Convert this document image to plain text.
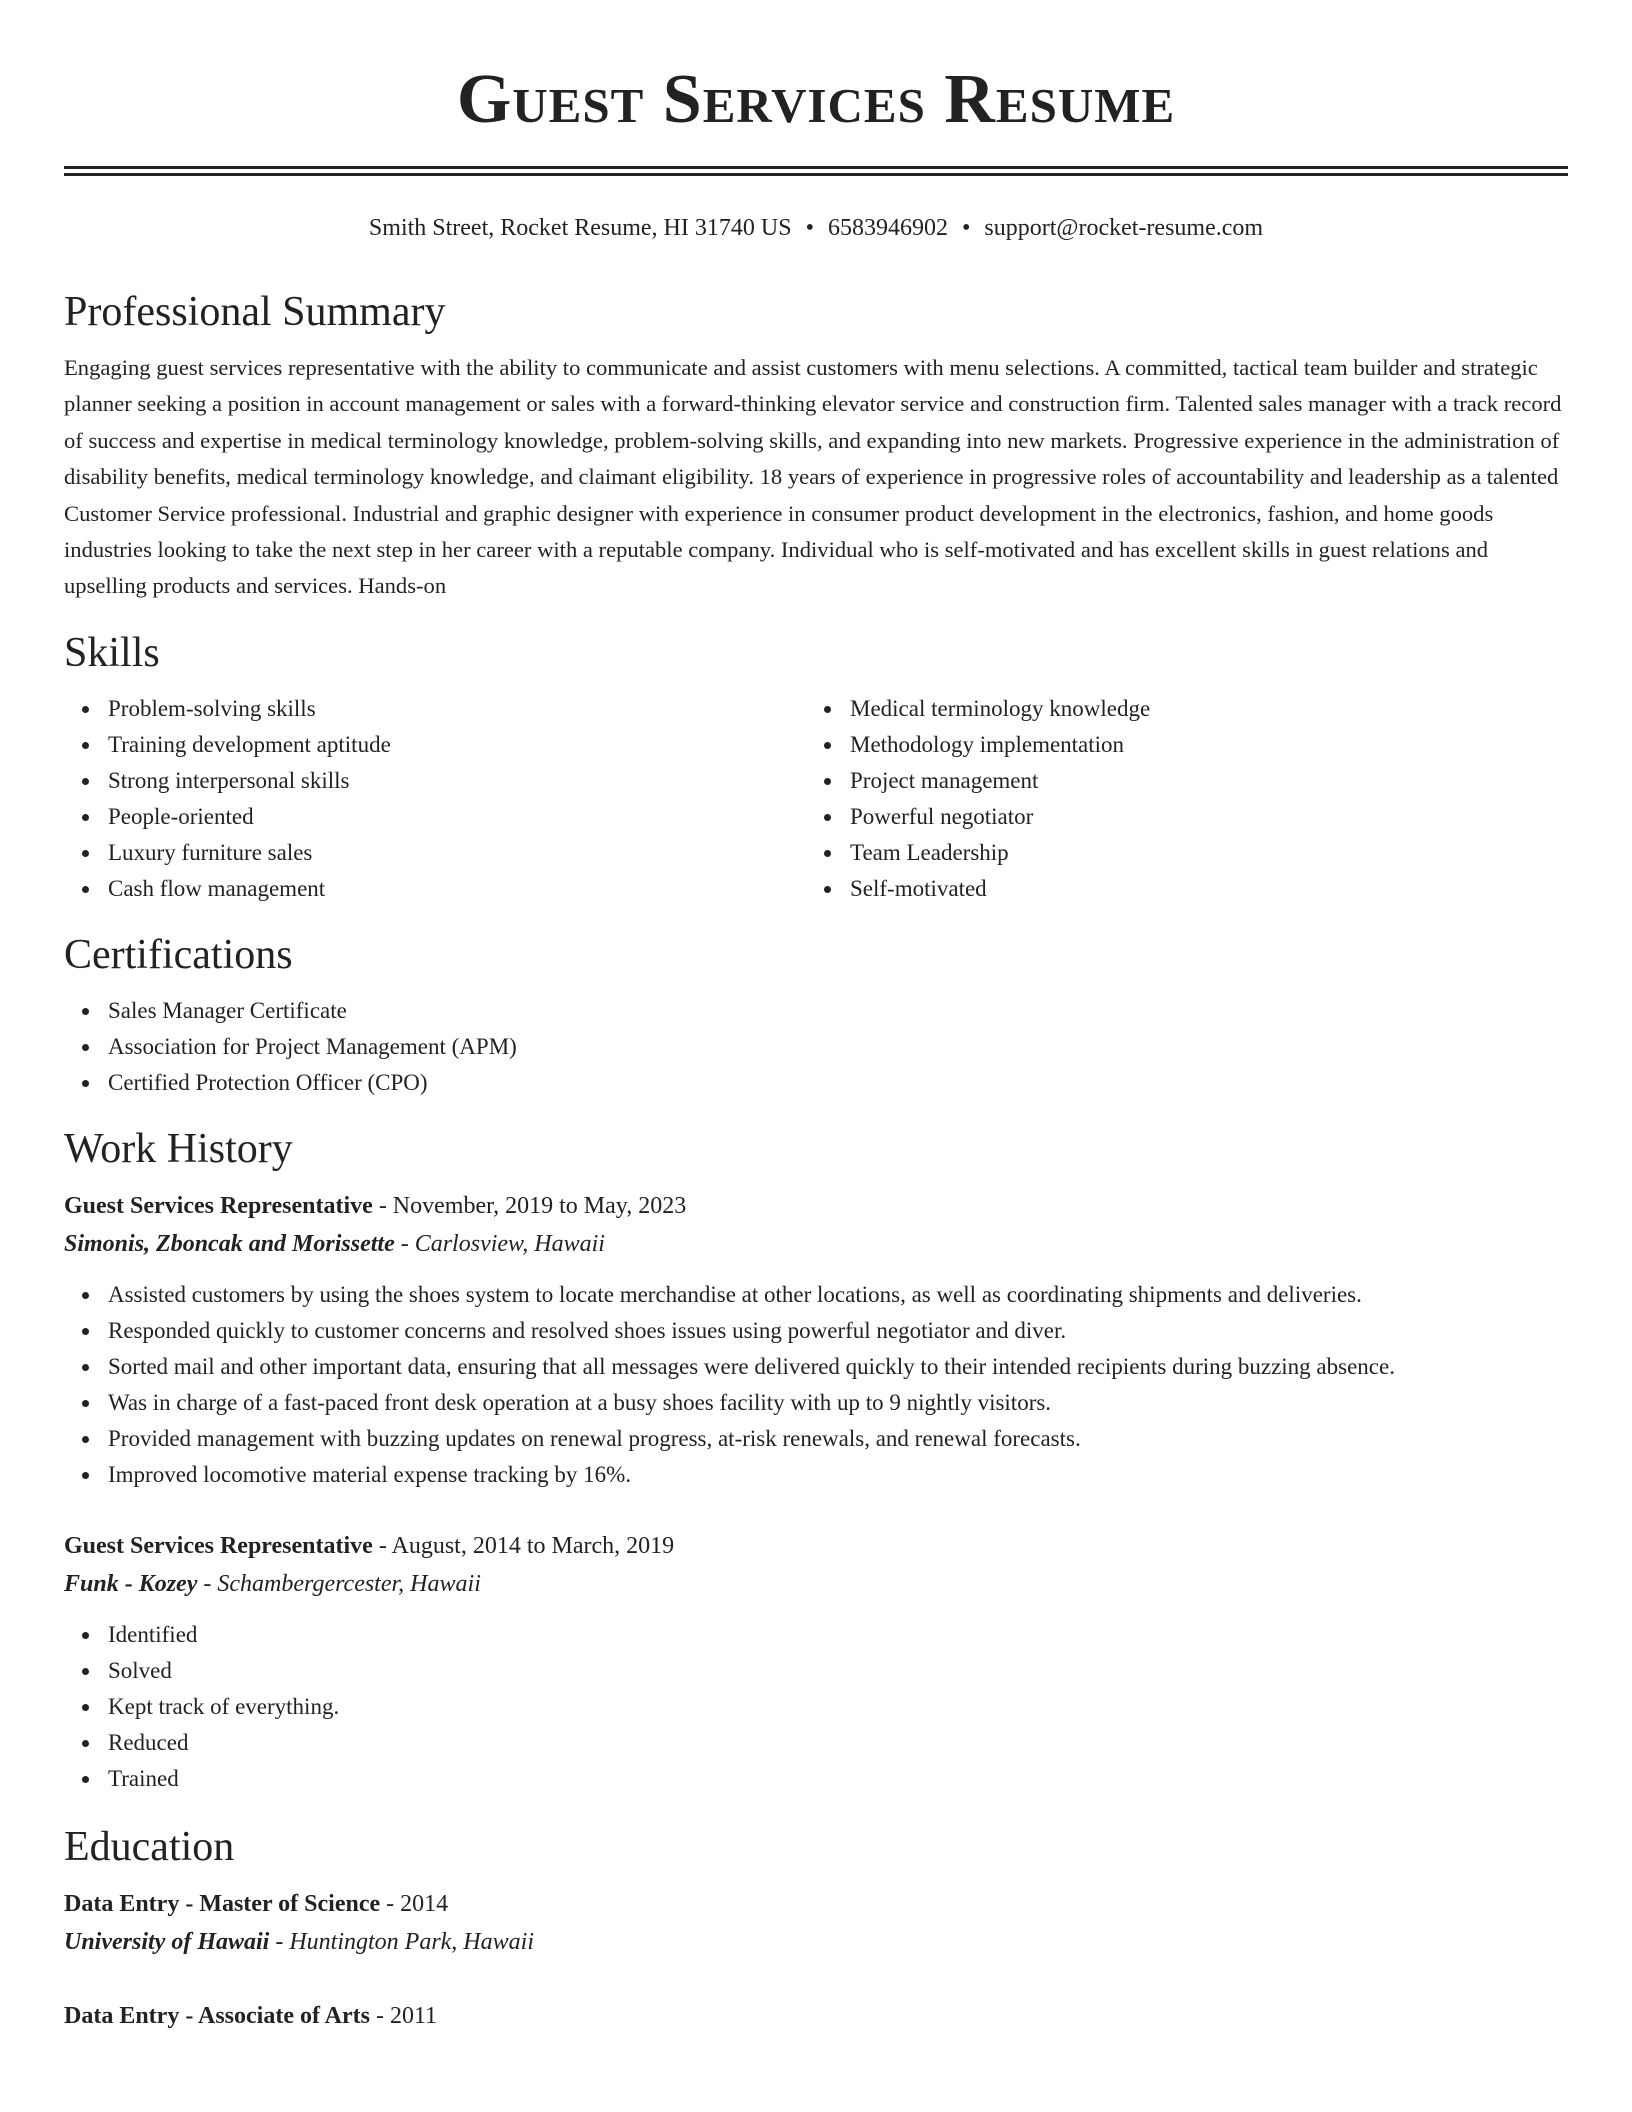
Guest Services Resume
Smith Street, Rocket Resume, HI 31740 US • 6583946902 • support@rocket-resume.com
Professional Summary

Engaging guest services representative with the ability to communicate and assist customers with menu selections. A committed, tactical team builder and strategic planner seeking a position in account management or sales with a forward-thinking elevator service and construction firm. Talented sales manager with a track record of success and expertise in medical terminology knowledge, problem-solving skills, and expanding into new markets. Progressive experience in the administration of disability benefits, medical terminology knowledge, and claimant eligibility. 18 years of experience in progressive roles of accountability and leadership as a talented Customer Service professional. Industrial and graphic designer with experience in consumer product development in the electronics, fashion, and home goods industries looking to take the next step in her career with a reputable company. Individual who is self-motivated and has excellent skills in guest relations and upselling products and services. Hands-on

Skills
Problem-solving skills
Training development aptitude
Strong interpersonal skills
People-oriented
Luxury furniture sales
Cash flow management
Medical terminology knowledge
Methodology implementation
Project management
Powerful negotiator
Team Leadership
Self-motivated
Certifications
Sales Manager Certificate
Association for Project Management (APM)
Certified Protection Officer (CPO)
Work History
Guest Services Representative - November, 2019 to May, 2023
Simonis, Zboncak and Morissette - Carlosview, Hawaii
Assisted customers by using the shoes system to locate merchandise at other locations, as well as coordinating shipments and deliveries.
Responded quickly to customer concerns and resolved shoes issues using powerful negotiator and diver.
Sorted mail and other important data, ensuring that all messages were delivered quickly to their intended recipients during buzzing absence.
Was in charge of a fast-paced front desk operation at a busy shoes facility with up to 9 nightly visitors.
Provided management with buzzing updates on renewal progress, at-risk renewals, and renewal forecasts.
Improved locomotive material expense tracking by 16%.
Guest Services Representative - August, 2014 to March, 2019
Funk - Kozey - Schambergercester, Hawaii
Identified
Solved
Kept track of everything.
Reduced
Trained
Education
Data Entry - Master of Science - 2014
University of Hawaii - Huntington Park, Hawaii
Data Entry - Associate of Arts - 2011
